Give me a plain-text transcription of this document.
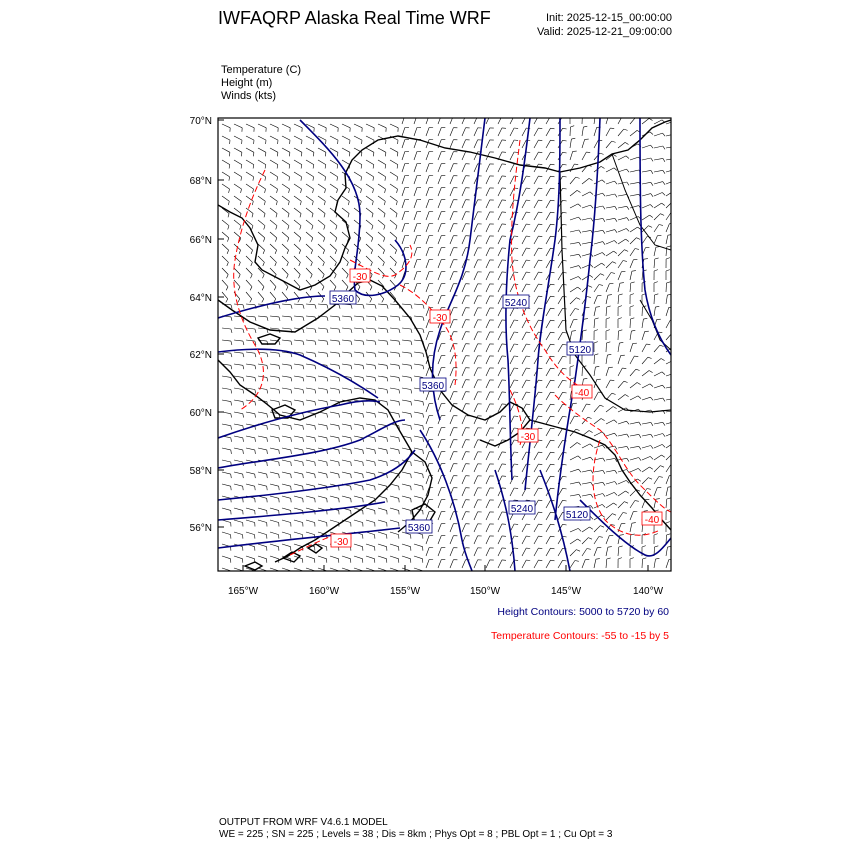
IWFAQRP Alaska Real Time WRF	Init: 2025-12-15_00:00:00
Valid: 2025-12-21_09:00:00
Temperature (C)
Height (m)
Winds (kts)
70°N
68°N
66°N
64°N
62°N
60°N
58°N
56°N
165°W	160°W	155°W	150°W	145°W	140°W
5360	5240
5120
5360
5240
5120
5360
-30
-30
-40
-30
-40
-30
Height Contours: 5000 to 5720 by 60
Temperature Contours: -55 to -15 by 5
OUTPUT FROM WRF V4.6.1 MODEL
WE = 225 ; SN = 225 ; Levels = 38 ; Dis = 8km ; Phys Opt = 8 ; PBL Opt = 1 ; Cu Opt = 3
